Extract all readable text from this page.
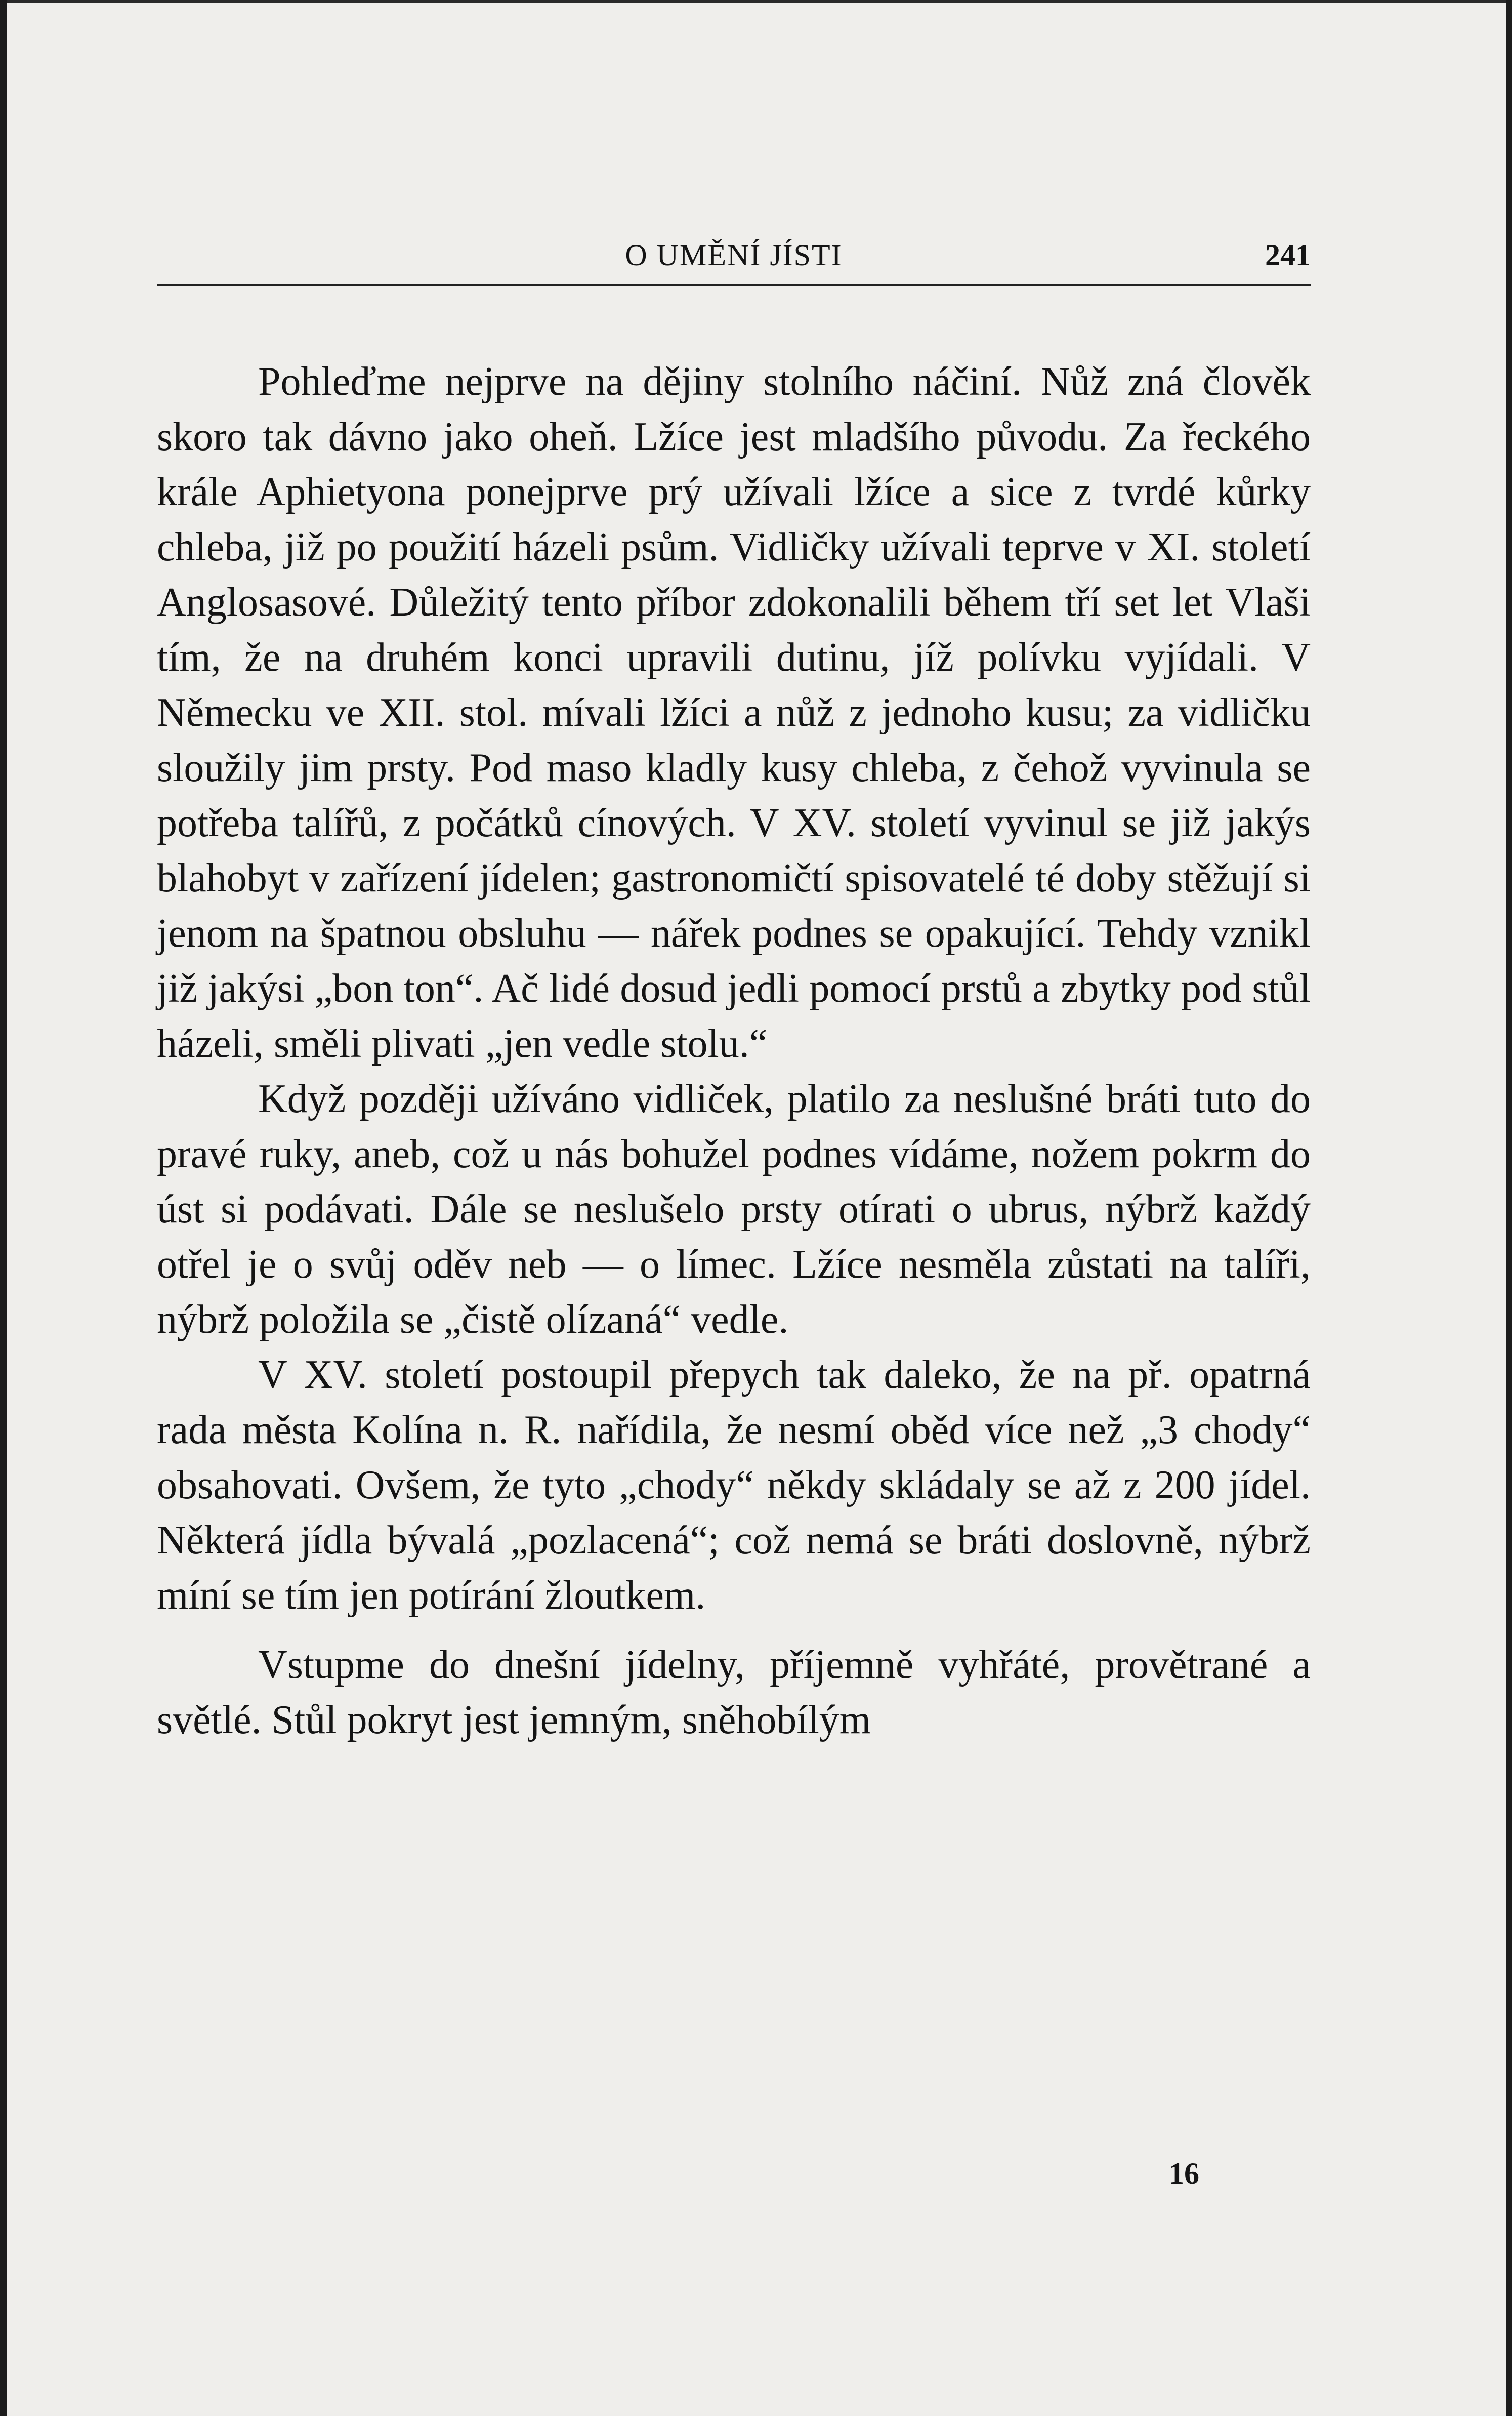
O UMĚNÍ JÍSTI	241

Pohleďme nejprve na dějiny stolního náčiní. Nůž zná člověk skoro tak dávno jako oheň. Lžíce jest mladšího původu. Za řeckého krále Aphietyona ponejprve prý užívali lžíce a sice z tvrdé kůrky chleba, již po použití házeli psům. Vidličky užívali teprve v XI. století Anglosasové. Důležitý tento příbor zdokonalili během tří set let Vlaši tím, že na druhém konci upravili dutinu, jíž polívku vyjídali. V Německu ve XII. stol. mívali lžíci a nůž z jednoho kusu; za vidličku sloužily jim prsty. Pod maso kladly kusy chleba, z čehož vyvinula se potřeba talířů, z počátků cínových. V XV. století vyvinul se již jakýs blahobyt v zařízení jídelen; gastronomičtí spisovatelé té doby stěžují si jenom na špatnou obsluhu — nářek podnes se opakující. Tehdy vznikl již jakýsi „bon ton“. Ač lidé dosud jedli pomocí prstů a zbytky pod stůl házeli, směli plivati „jen vedle stolu.“

Když později užíváno vidliček, platilo za neslušné bráti tuto do pravé ruky, aneb, což u nás bohužel podnes vídáme, nožem pokrm do úst si podávati. Dále se neslušelo prsty otírati o ubrus, nýbrž každý otřel je o svůj oděv neb — o límec. Lžíce nesměla zůstati na talíři, nýbrž položila se „čistě olízaná“ vedle.

V XV. století postoupil přepych tak daleko, že na př. opatrná rada města Kolína n. R. nařídila, že nesmí oběd více než „3 chody“ obsahovati. Ovšem, že tyto „chody“ někdy skládaly se až z 200 jídel. Některá jídla bývalá „pozlacená“; což nemá se bráti doslovně, nýbrž míní se tím jen potírání žloutkem.

Vstupme do dnešní jídelny, příjemně vyhřáté, provětrané a světlé. Stůl pokryt jest jemným, sněhobílým

16
